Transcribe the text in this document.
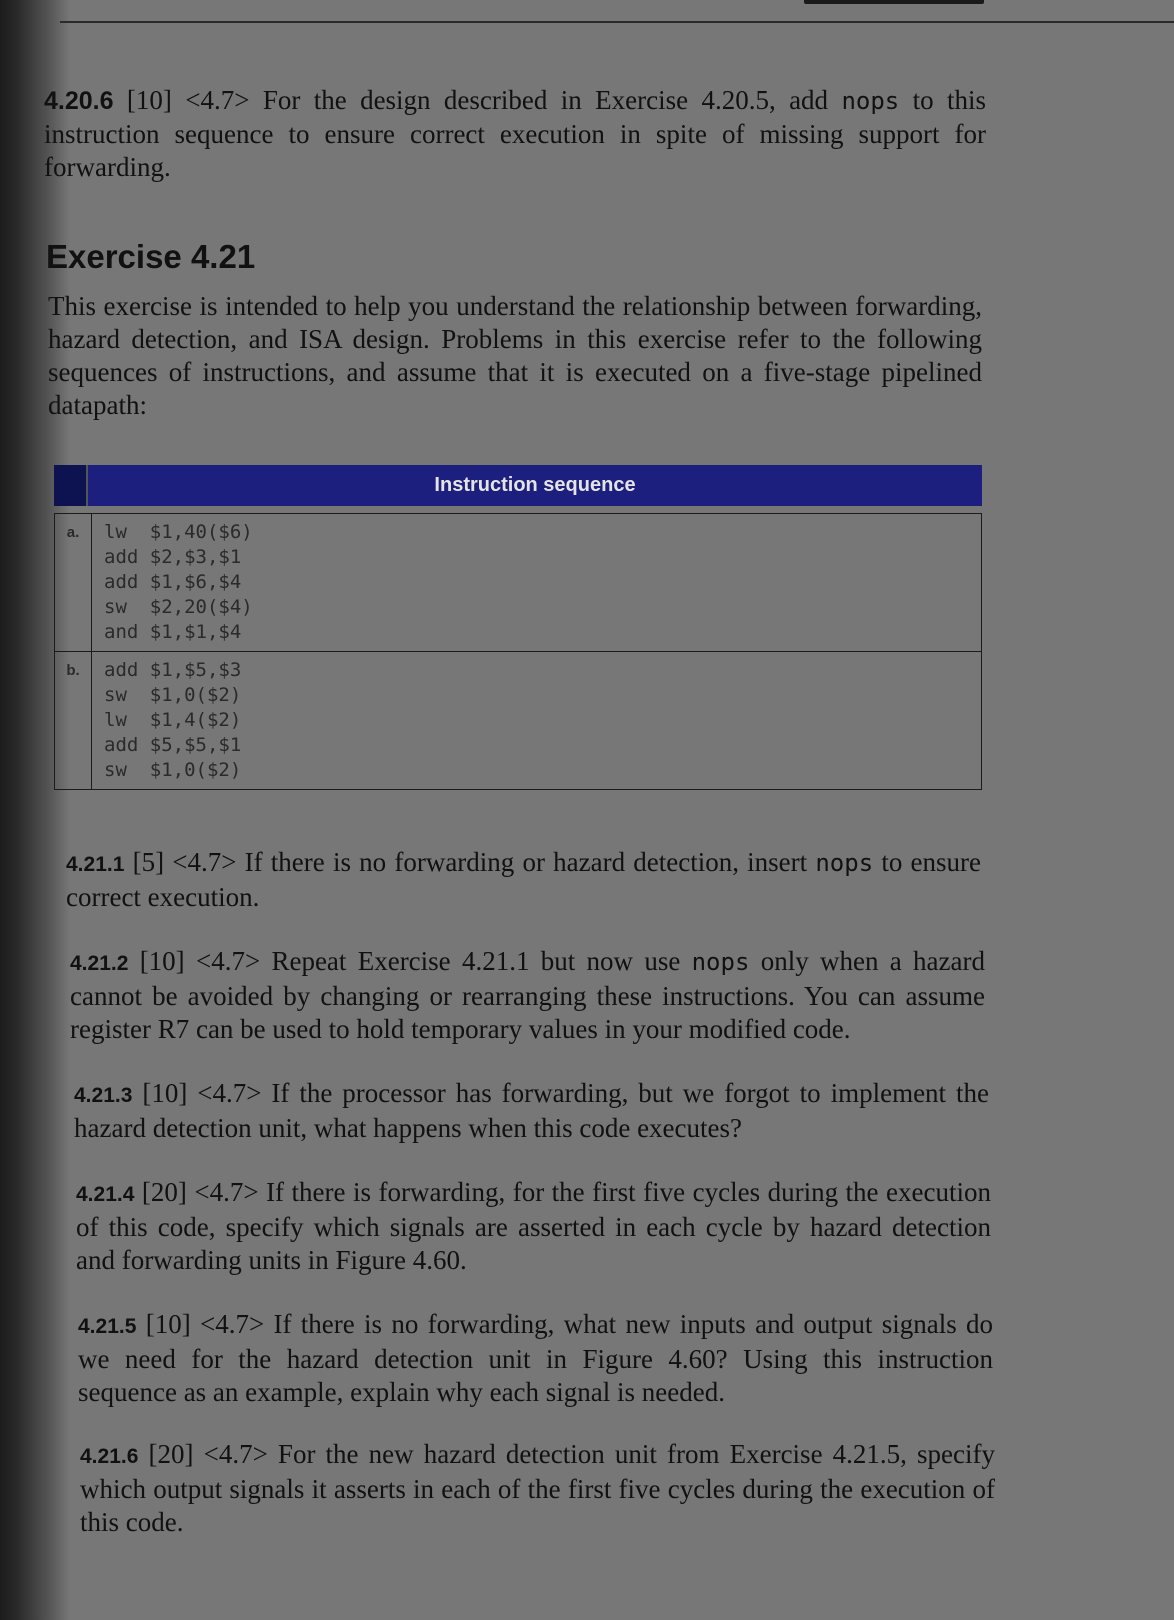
4.20.6 [10] <4.7> For the design described in Exercise 4.20.5, add nops to this instruction sequence to ensure correct execution in spite of missing support for forwarding.
Exercise 4.21
This exercise is intended to help you understand the relationship between forwarding, hazard detection, and ISA design. Problems in this exercise refer to the following sequences of instructions, and assume that it is executed on a five-stage pipelined datapath:
Instruction sequence
a.	lw  $1,40($6)
add $2,$3,$1
add $1,$6,$4
sw  $2,20($4)
and $1,$1,$4
b.	add $1,$5,$3
sw  $1,0($2)
lw  $1,4($2)
add $5,$5,$1
sw  $1,0($2)
4.21.1 [5] <4.7> If there is no forwarding or hazard detection, insert nops to ensure correct execution.
4.21.2 [10] <4.7> Repeat Exercise 4.21.1 but now use nops only when a hazard cannot be avoided by changing or rearranging these instructions. You can assume register R7 can be used to hold temporary values in your modified code.
4.21.3 [10] <4.7> If the processor has forwarding, but we forgot to implement the hazard detection unit, what happens when this code executes?
4.21.4 [20] <4.7> If there is forwarding, for the first five cycles during the execution of this code, specify which signals are asserted in each cycle by hazard detection and forwarding units in Figure 4.60.
4.21.5 [10] <4.7> If there is no forwarding, what new inputs and output signals do we need for the hazard detection unit in Figure 4.60? Using this instruction sequence as an example, explain why each signal is needed.
4.21.6 [20] <4.7> For the new hazard detection unit from Exercise 4.21.5, specify which output signals it asserts in each of the first five cycles during the execution of this code.
